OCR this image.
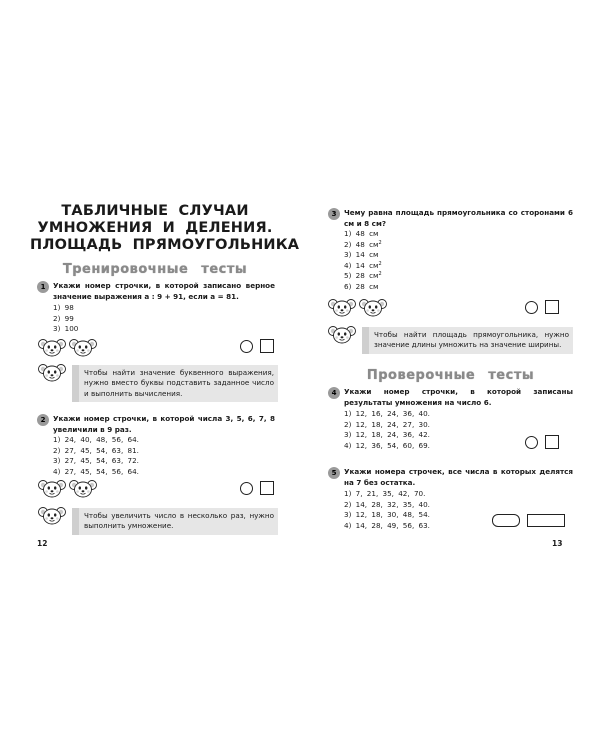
ТАБЛИЧНЫЕ СЛУЧАИ
УМНОЖЕНИЯ И ДЕЛЕНИЯ.
ПЛОЩАДЬ ПРЯМОУГОЛЬНИКА
Тренировочные тесты
1	Укажи номер строчки, в которой записано верное значение выражения a : 9 + 91, если a = 81.
1) 98
2) 99
3) 100
Чтобы найти значение буквенного выражения, нужно вместо буквы подставить заданное число и выполнить вычисления.
2	Укажи номер строчки, в которой числа 3, 5, 6, 7, 8 увеличили в 9 раз.
1) 24, 40, 48, 56, 64.
2) 27, 45, 54, 63, 81.
3) 27, 45, 54, 63, 72.
4) 27, 45, 54, 56, 64.
Чтобы увеличить число в несколько раз, нужно выполнить умножение.
12
3	Чему равна площадь прямоугольника со сторонами 6 см и 8 см?
1) 48 см
2) 48 $см^2$
3) 14 см
4) 14 $см^2$
5) 28 $см^2$
6) 28 см
Чтобы найти площадь прямоугольника, нужно значение длины умножить на значение ширины.
Проверочные тесты
4	Укажи номер строчки, в которой записаны результаты умножения на число 6.
1) 12, 16, 24, 36, 40.
2) 12, 18, 24, 27, 30.
3) 12, 18, 24, 36, 42.
4) 12, 36, 54, 60, 69.
5	Укажи номера строчек, все числа в которых делятся на 7 без остатка.
1) 7, 21, 35, 42, 70.
2) 14, 28, 32, 35, 40.
3) 12, 18, 30, 48, 54.
4) 14, 28, 49, 56, 63.
13
